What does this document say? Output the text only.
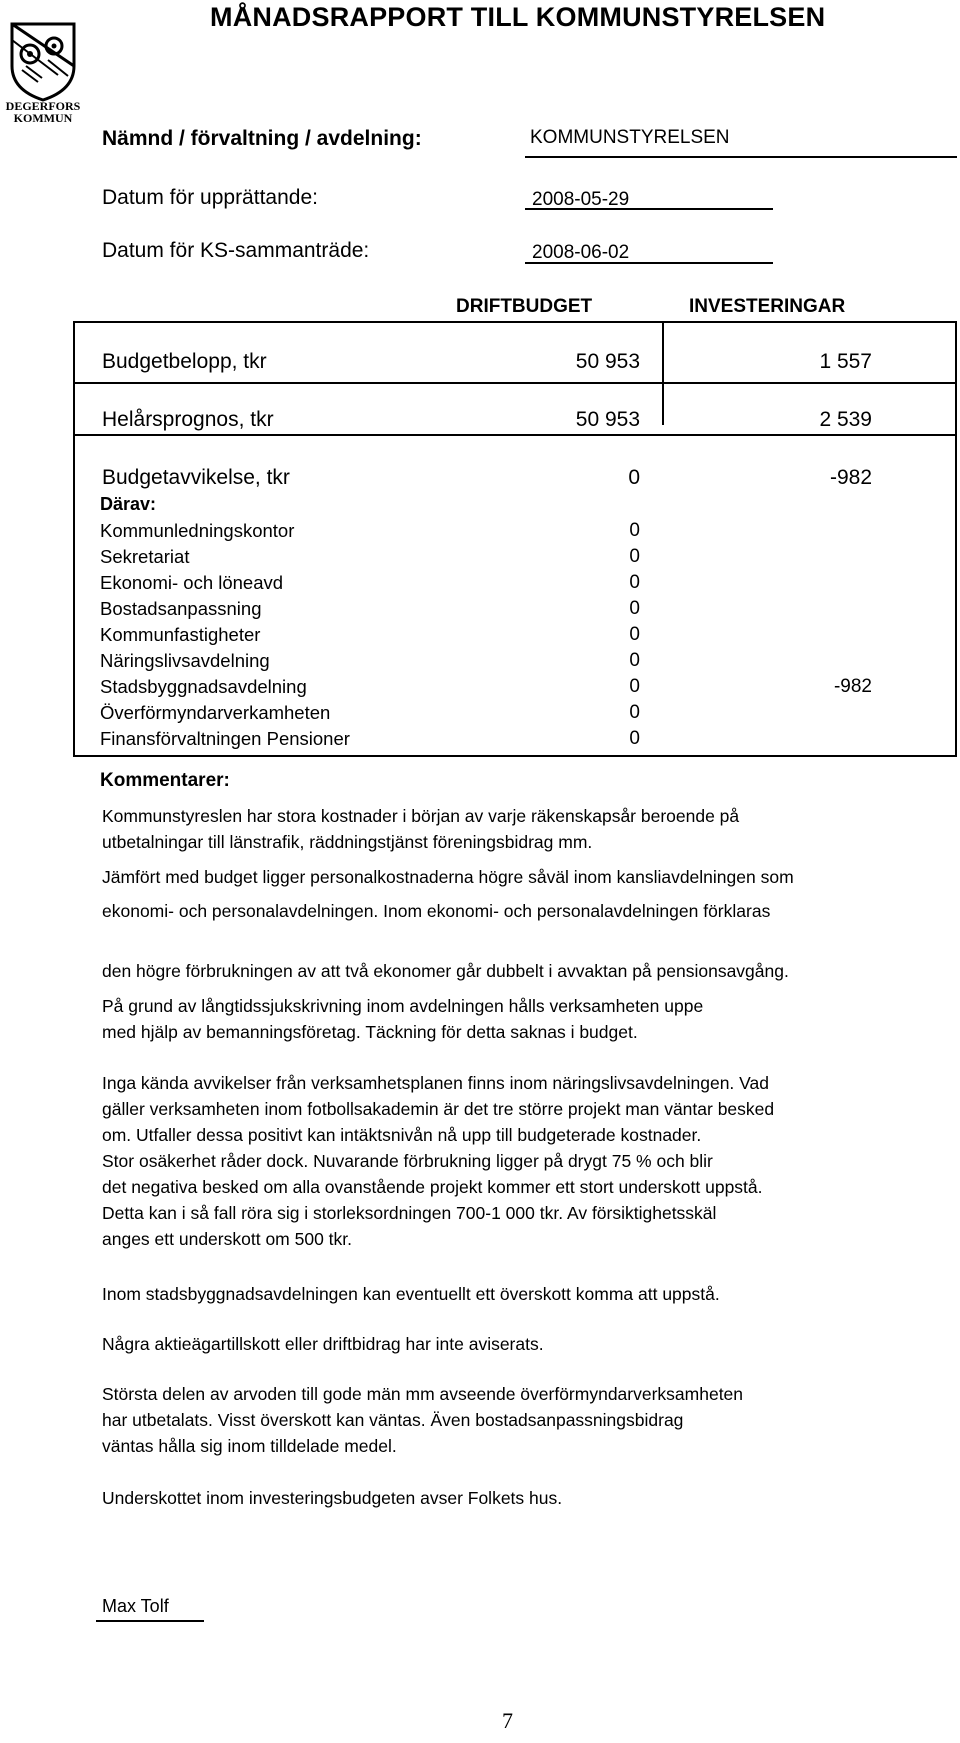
MÅNADSRAPPORT TILL KOMMUNSTYRELSEN
DEGERFORS
KOMMUN
Nämnd / förvaltning / avdelning:	KOMMUNSTYRELSEN
Datum för upprättande:	2008-05-29
Datum för KS-sammanträde:	2008-06-02
DRIFTBUDGET	INVESTERINGAR
Budgetbelopp, tkr	50 953	1 557
Helårsprognos, tkr	50 953	2 539
Budgetavvikelse, tkr	0	-982
Därav:
Kommunledningskontor	0
Sekretariat	0
Ekonomi- och löneavd	0
Bostadsanpassning	0
Kommunfastigheter	0
Näringslivsavdelning	0
Stadsbyggnadsavdelning	0	-982
Överförmyndarverkamheten	0
Finansförvaltningen Pensioner	0
Kommentarer:
Kommunstyreslen har stora kostnader i början av varje räkenskapsår beroende på
utbetalningar till länstrafik, räddningstjänst föreningsbidrag mm.
Jämfört med budget ligger personalkostnaderna högre såväl inom kansliavdelningen som
ekonomi- och personalavdelningen. Inom ekonomi- och personalavdelningen förklaras
den högre förbrukningen av att två ekonomer går dubbelt i avvaktan på pensionsavgång.
På grund av långtidssjukskrivning inom avdelningen hålls verksamheten uppe
med hjälp av bemanningsföretag. Täckning för detta saknas i budget.
Inga kända avvikelser från verksamhetsplanen finns inom näringslivsavdelningen. Vad
gäller verksamheten inom fotbollsakademin är det tre större projekt man väntar besked
om. Utfaller dessa positivt kan intäktsnivån nå upp till budgeterade kostnader.
Stor osäkerhet råder dock. Nuvarande förbrukning ligger på drygt 75 % och blir
det negativa besked om alla ovanstående projekt kommer ett stort underskott uppstå.
Detta kan i så fall röra sig i storleksordningen 700-1 000 tkr. Av försiktighetsskäl
anges ett underskott om 500 tkr.
Inom stadsbyggnadsavdelningen kan eventuellt ett överskott komma att uppstå.
Några aktieägartillskott eller driftbidrag har inte aviserats.
Största delen av arvoden till gode män mm avseende överförmyndarverksamheten
har utbetalats. Visst överskott kan väntas. Även bostadsanpassningsbidrag
väntas hålla sig inom tilldelade medel.
Underskottet inom investeringsbudgeten avser Folkets hus.
Max Tolf
7
